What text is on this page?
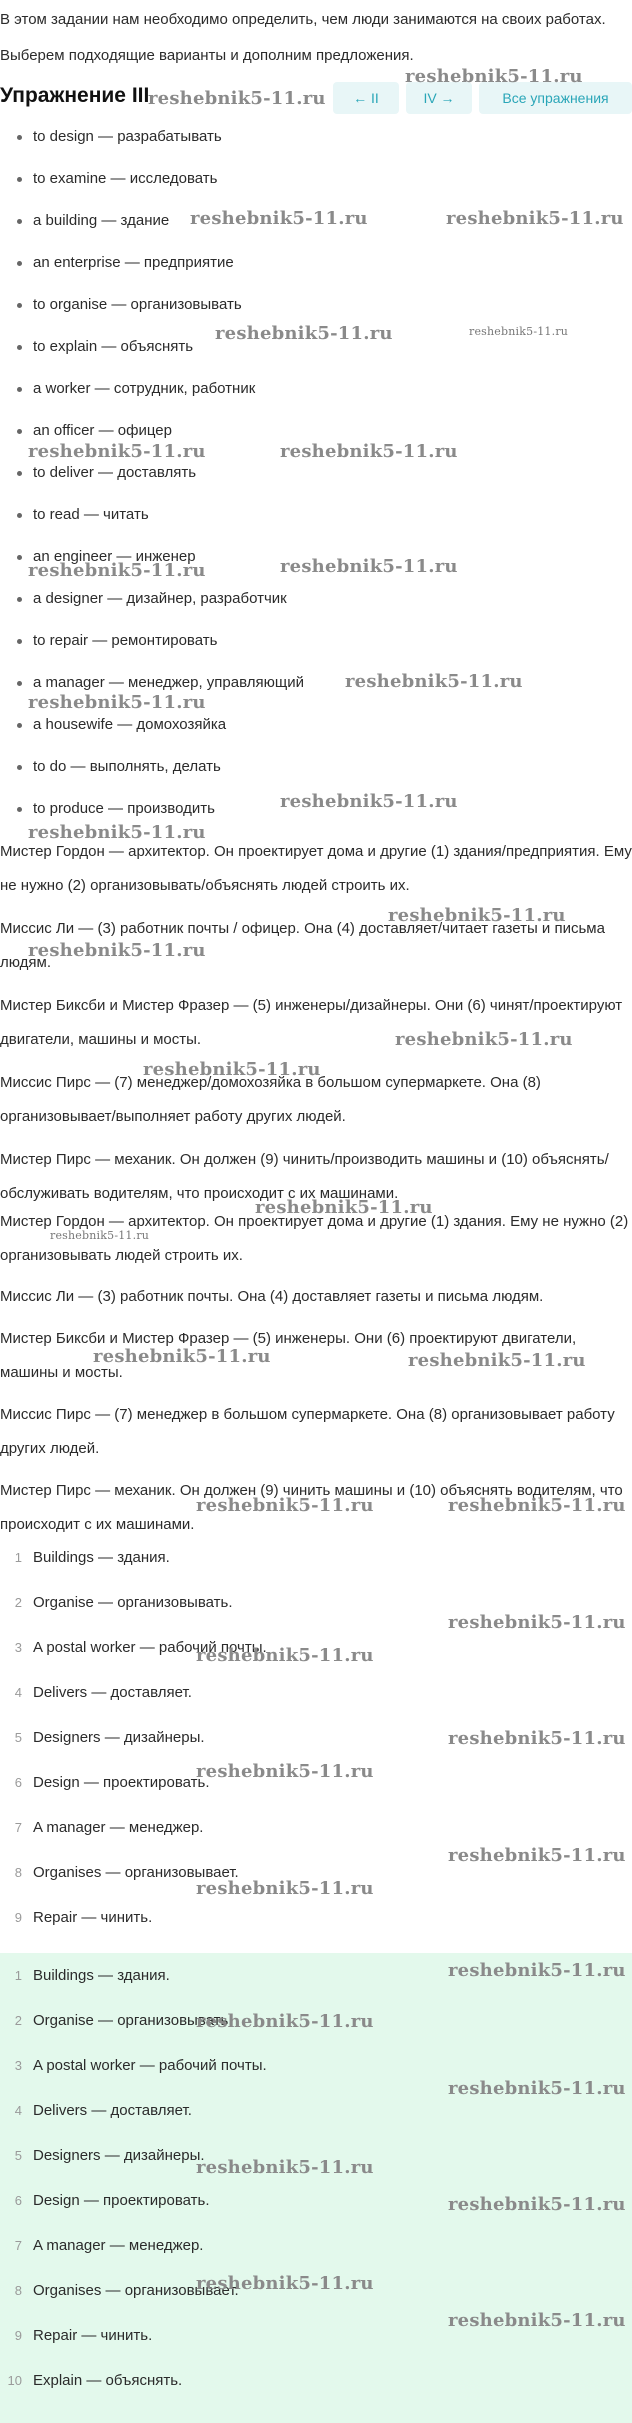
В этом задании нам необходимо определить, чем люди занимаются на своих работах. Выберем подходящие варианты и дополним предложения.
Упражнение III	← II	IV →	Все упражнения
to design — разрабатывать
to examine — исследовать
a building — здание
an enterprise — предприятие
to organise — организовывать
to explain — объяснять
a worker — сотрудник, работник
an officer — офицер
to deliver — доставлять
to read — читать
an engineer — инженер
a designer — дизайнер, разработчик
to repair — ремонтировать
a manager — менеджер, управляющий
a housewife — домохозяйка
to do — выполнять, делать
to produce — производить

Мистер Гордон — архитектор. Он проектирует дома и другие (1) здания/предприятия. Ему не нужно (2) организовывать/объяснять людей строить их.

Миссис Ли — (3) работник почты / офицер. Она (4) доставляет/читает газеты и письма людям.

Мистер Биксби и Мистер Фразер — (5) инженеры/дизайнеры. Они (6) чинят/проектируют двигатели, машины и мосты.

Миссис Пирс — (7) менеджер/домохозяйка в большом супермаркете. Она (8) организовывает/выполняет работу других людей.

Мистер Пирс — механик. Он должен (9) чинить/производить машины и (10) объяснять/обслуживать водителям, что происходит с их машинами.

Мистер Гордон — архитектор. Он проектирует дома и другие (1) здания. Ему не нужно (2) организовывать людей строить их.

Миссис Ли — (3) работник почты. Она (4) доставляет газеты и письма людям.

Мистер Биксби и Мистер Фразер — (5) инженеры. Они (6) проектируют двигатели, машины и мосты.

Миссис Пирс — (7) менеджер в большом супермаркете. Она (8) организовывает работу других людей.

Мистер Пирс — механик. Он должен (9) чинить машины и (10) объяснять водителям, что происходит с их машинами.

1 Buildings — здания.
2 Organise — организовывать.
3 A postal worker — рабочий почты.
4 Delivers — доставляет.
5 Designers — дизайнеры.
6 Design — проектировать.
7 A manager — менеджер.
8 Organises — организовывает.
9 Repair — чинить.
1 Buildings — здания.
2 Organise — организовывать.
3 A postal worker — рабочий почты.
4 Delivers — доставляет.
5 Designers — дизайнеры.
6 Design — проектировать.
7 A manager — менеджер.
8 Organises — организовывает.
9 Repair — чинить.
10 Explain — объяснять.
reshebnik5-11.ru
reshebnik5-11.ru
reshebnik5-11.ru	reshebnik5-11.ru
reshebnik5-11.ru	reshebnik5-11.ru
reshebnik5-11.ru	reshebnik5-11.ru
reshebnik5-11.ru	reshebnik5-11.ru
reshebnik5-11.ru
reshebnik5-11.ru
reshebnik5-11.ru
reshebnik5-11.ru
reshebnik5-11.ru
reshebnik5-11.ru
reshebnik5-11.ru
reshebnik5-11.ru
reshebnik5-11.ru
reshebnik5-11.ru
reshebnik5-11.ru	reshebnik5-11.ru
reshebnik5-11.ru	reshebnik5-11.ru
reshebnik5-11.ru
reshebnik5-11.ru
reshebnik5-11.ru
reshebnik5-11.ru
reshebnik5-11.ru
reshebnik5-11.ru
reshebnik5-11.ru
reshebnik5-11.ru
reshebnik5-11.ru
reshebnik5-11.ru
reshebnik5-11.ru
reshebnik5-11.ru
reshebnik5-11.ru
